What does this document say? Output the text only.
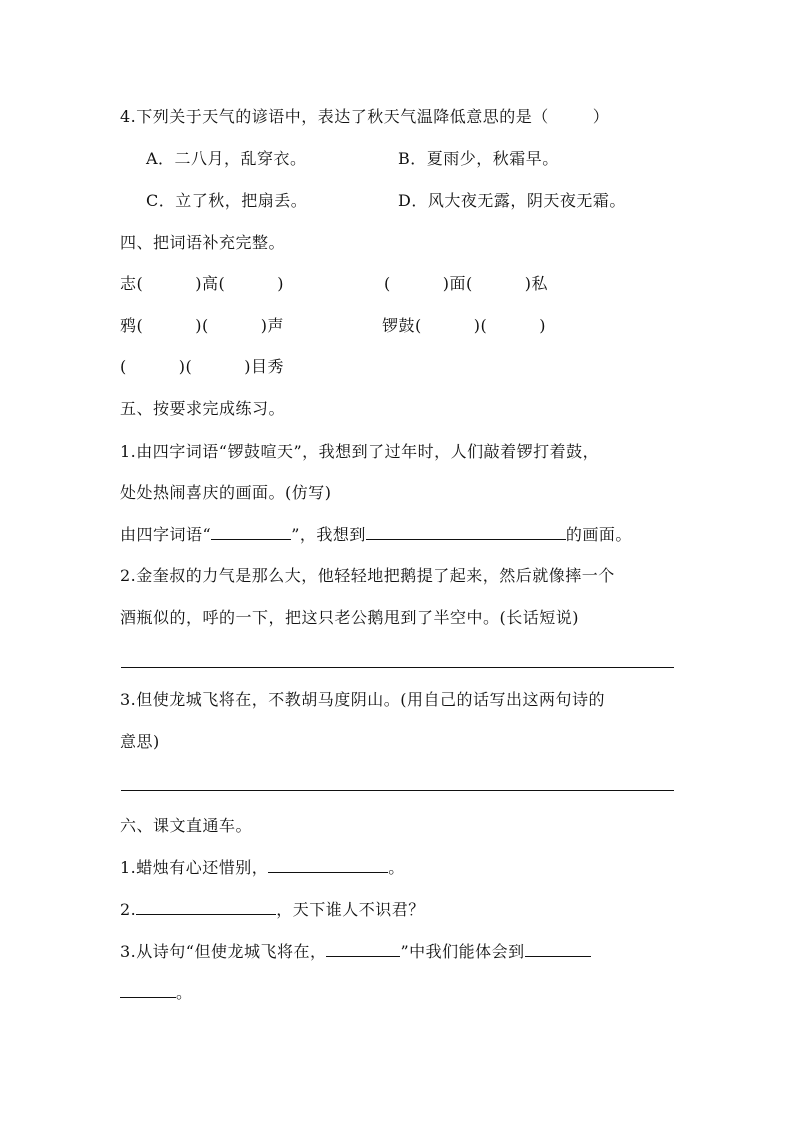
4.下列关于天气的谚语中，表达了秋天气温降低意思的是（	）
A．二八月，乱穿衣。	B．夏雨少，秋霜早。
C．立了秋，把扇丢。	D．风大夜无露，阴天夜无霜。
四、把词语补充完整。
志(	)高(	)	(	)面(	)私
鸦(	)(	)声	锣鼓(	)(	)
(	)(	)目秀
五、按要求完成练习。
1.由四字词语“锣鼓喧天”，我想到了过年时，人们敲着锣打着鼓，
处处热闹喜庆的画面。(仿写)
由四字词语“	”，我想到	的画面。
2.金奎叔的力气是那么大，他轻轻地把鹅提了起来，然后就像摔一个
酒瓶似的，呼的一下，把这只老公鹅甩到了半空中。(长话短说)
3.但使龙城飞将在，不教胡马度阴山。(用自己的话写出这两句诗的
意思)
六、课文直通车。
1.蜡烛有心还惜别，	。
2.	，天下谁人不识君？
3.从诗句“但使龙城飞将在，	”中我们能体会到
。
